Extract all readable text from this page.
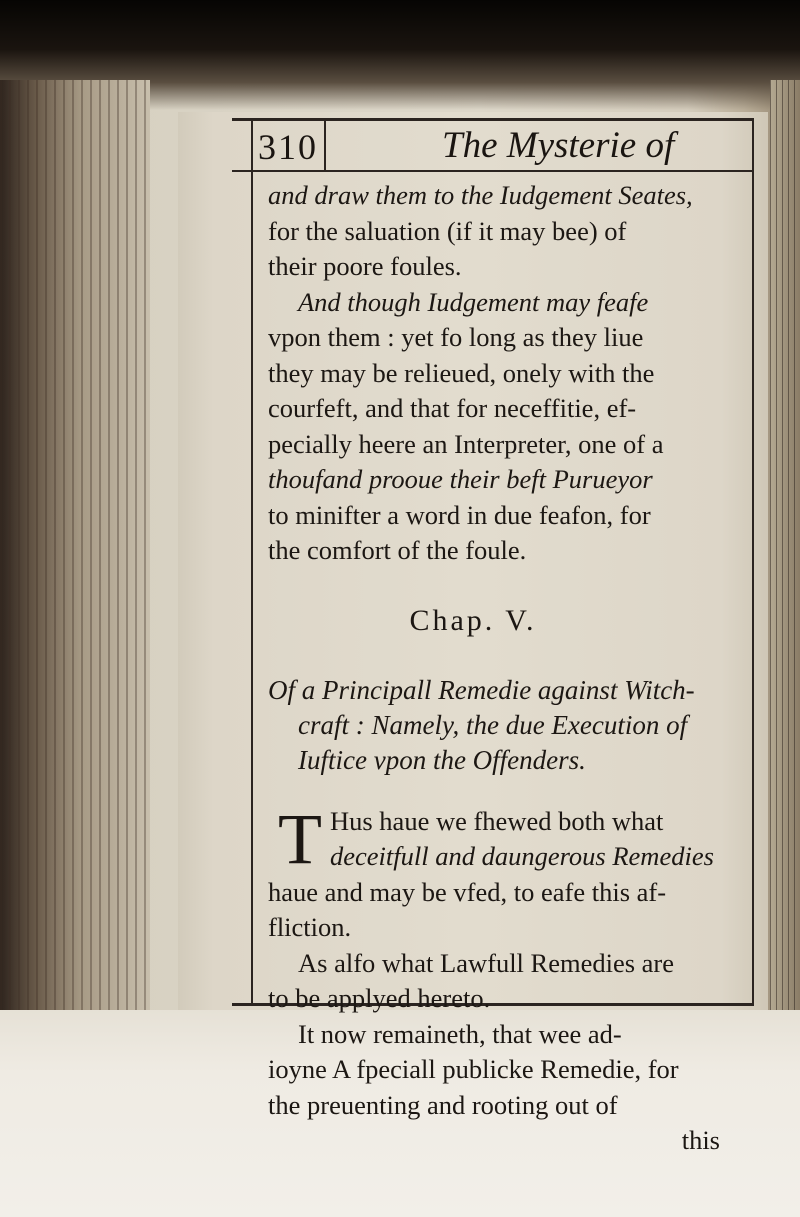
310	The Mysterie of
and draw them to the Iudgement Seates,
for the saluation (if it may bee) of
their poore foules.
And though Iudgement may feafe
vpon them : yet fo long as they liue
they may be relieued, onely with the
courfeft, and that for neceffitie, ef-
pecially heere an Interpreter, one of a
thoufand prooue their beft Purueyor
to minifter a word in due feafon, for
the comfort of the foule.
Chap. V.
Of a Principall Remedie against Witch-
craft : Namely, the due Execution of
Iuftice vpon the Offenders.
T Hus haue we fhewed both what
deceitfull and daungerous Remedies
haue and may be vfed, to eafe this af-
fliction.
As alfo what Lawfull Remedies are
to be applyed hereto.
It now remaineth, that wee ad-
ioyne A fpeciall publicke Remedie, for
the preuenting and rooting out of
this
